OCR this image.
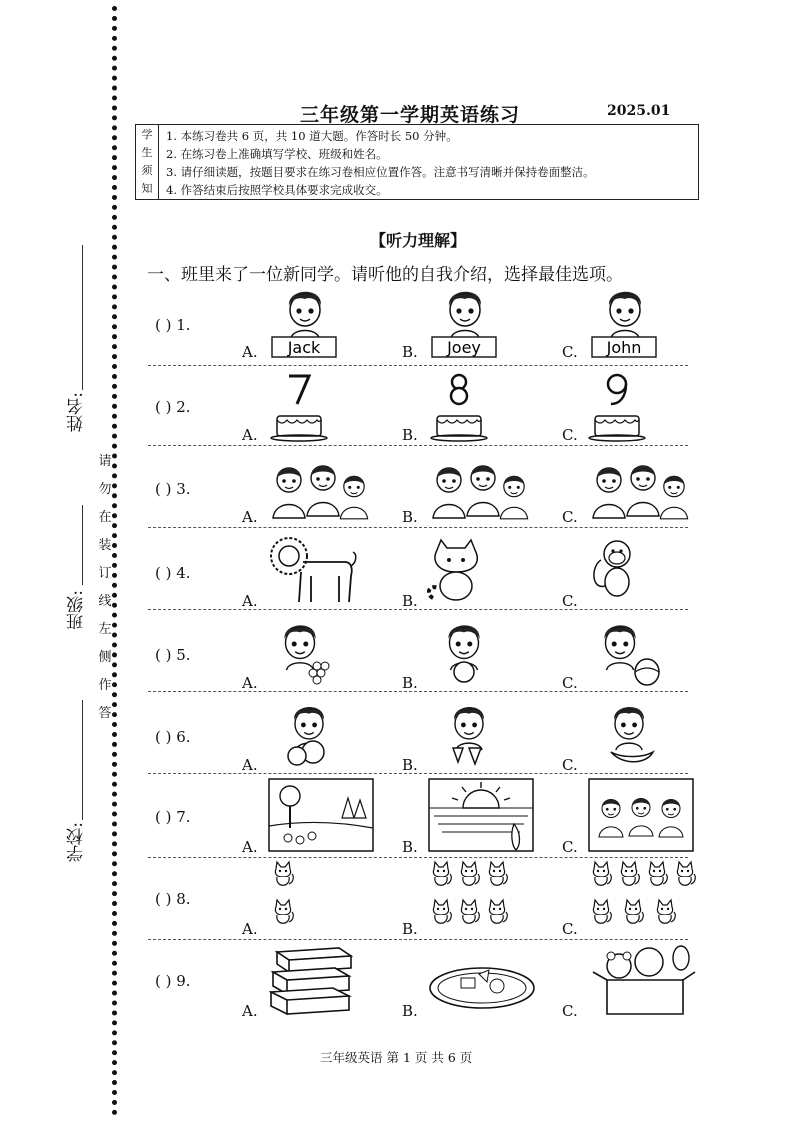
姓名:
班级:
学校:
请
勿
在
装
订
线
左
侧
作
答
三年级第一学期英语练习	2025.01
学
生
须
知
1. 本练习卷共 6 页，共 10 道大题。作答时长 50 分钟。
2. 在练习卷上准确填写学校、班级和姓名。
3. 请仔细读题，按题目要求在练习卷相应位置作答。注意书写清晰并保持卷面整洁。
4. 作答结束后按照学校具体要求完成收交。
【听力理解】
一、班里来了一位新同学。请听他的自我介绍，选择最佳选项。
( ) 1.
A.	B.	C.
Jack	Joey	John
( ) 2.
A.	B.	C.
( ) 3.
A.	B.	C.
( ) 4.
A.	B.	C.
( ) 5.
A.	B.	C.
( ) 6.
A.	B.	C.
( ) 7.
A.	B.	C.
( ) 8.
A.	B.	C.
( ) 9.
A.	B.	C.
三年级英语 第 1 页 共 6 页
